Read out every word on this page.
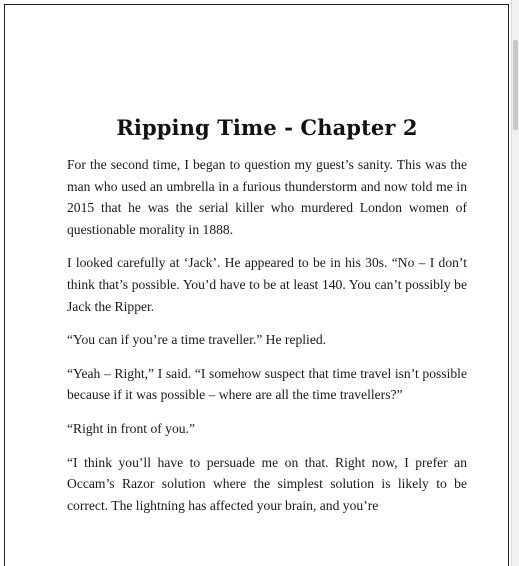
Ripping Time - Chapter 2

For the second time, I began to question my guest’s sanity. This was the man who used an umbrella in a furious thunderstorm and now told me in 2015 that he was the serial killer who murdered London women of questionable morality in 1888.

I looked carefully at ‘Jack’. He appeared to be in his 30s. “No – I don’t think that’s possible. You’d have to be at least 140. You can’t possibly be Jack the Ripper.

“You can if you’re a time traveller.” He replied.

“Yeah – Right,” I said. “I somehow suspect that time travel isn’t possible because if it was possible – where are all the time travellers?”

“Right in front of you.”

“I think you’ll have to persuade me on that. Right now, I prefer an Occam’s Razor solution where the simplest solution is likely to be correct. The lightning has affected your brain, and you’re
